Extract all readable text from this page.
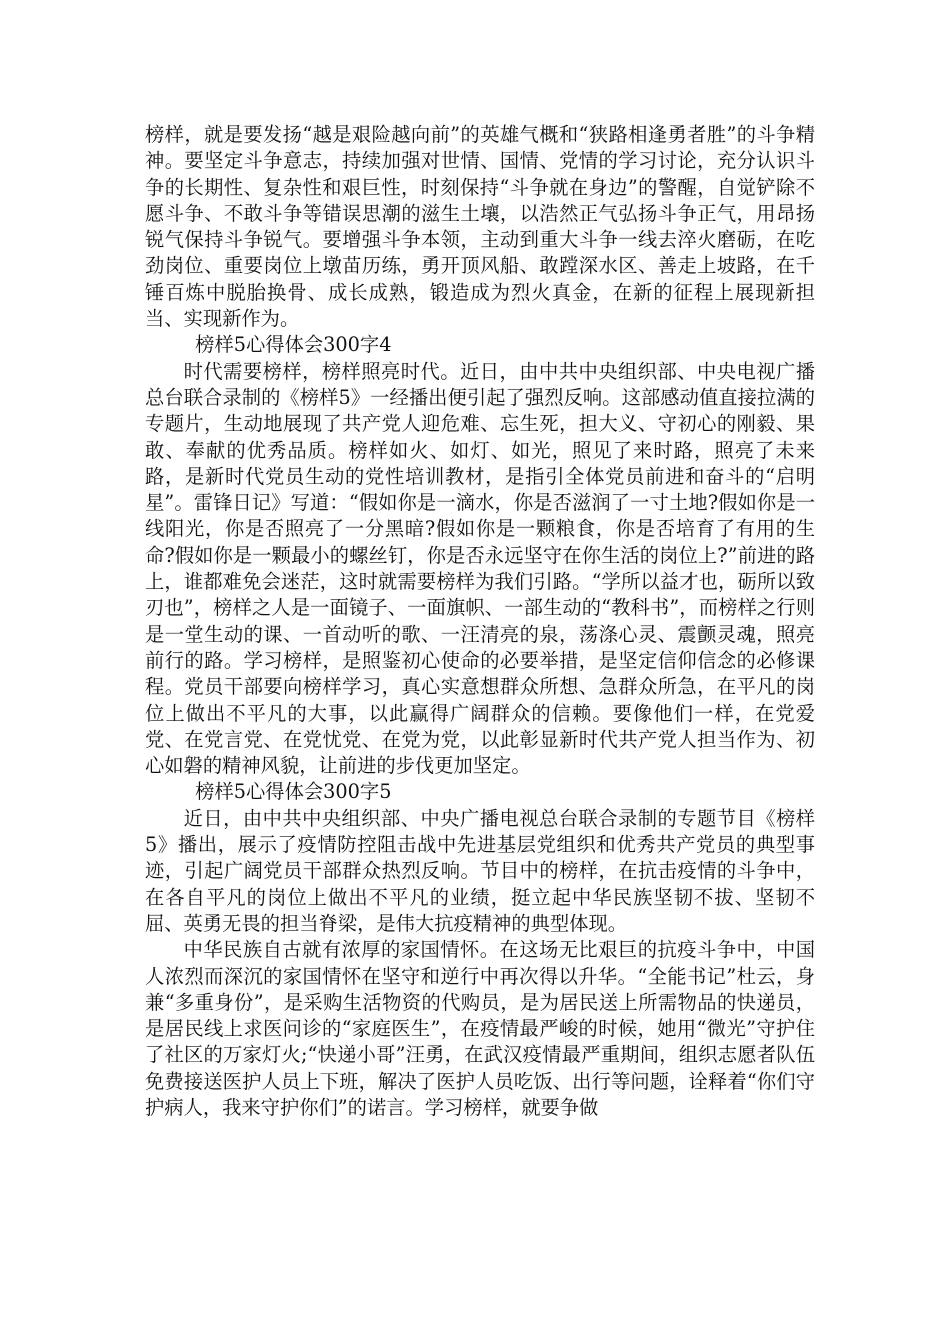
榜样，就是要发扬“越是艰险越向前”的英雄气概和“狭路相逢勇者胜”的斗争精神。要坚定斗争意志，持续加强对世情、国情、党情的学习讨论，充分认识斗争的长期性、复杂性和艰巨性，时刻保持“斗争就在身边”的警醒，自觉铲除不愿斗争、不敢斗争等错误思潮的滋生土壤，以浩然正气弘扬斗争正气，用昂扬锐气保持斗争锐气。要增强斗争本领，主动到重大斗争一线去淬火磨砺，在吃劲岗位、重要岗位上墩苗历练，勇开顶风船、敢蹚深水区、善走上坡路，在千锤百炼中脱胎换骨、成长成熟，锻造成为烈火真金，在新的征程上展现新担当、实现新作为。

榜样5心得体会300字4

时代需要榜样，榜样照亮时代。近日，由中共中央组织部、中央电视广播总台联合录制的《榜样5》一经播出便引起了强烈反响。这部感动值直接拉满的专题片，生动地展现了共产党人迎危难、忘生死，担大义、守初心的刚毅、果敢、奉献的优秀品质。榜样如火、如灯、如光，照见了来时路，照亮了未来路，是新时代党员生动的党性培训教材，是指引全体党员前进和奋斗的“启明星”。雷锋日记》写道：“假如你是一滴水，你是否滋润了一寸土地?假如你是一线阳光，你是否照亮了一分黑暗?假如你是一颗粮食，你是否培育了有用的生命?假如你是一颗最小的螺丝钉，你是否永远坚守在你生活的岗位上?”前进的路上，谁都难免会迷茫，这时就需要榜样为我们引路。“学所以益才也，砺所以致刃也”，榜样之人是一面镜子、一面旗帜、一部生动的“教科书”，而榜样之行则是一堂生动的课、一首动听的歌、一汪清亮的泉，荡涤心灵、震颤灵魂，照亮前行的路。学习榜样，是照鉴初心使命的必要举措，是坚定信仰信念的必修课程。党员干部要向榜样学习，真心实意想群众所想、急群众所急，在平凡的岗位上做出不平凡的大事，以此赢得广阔群众的信赖。要像他们一样，在党爱党、在党言党、在党忧党、在党为党，以此彰显新时代共产党人担当作为、初心如磐的精神风貌，让前进的步伐更加坚定。

榜样5心得体会300字5

近日，由中共中央组织部、中央广播电视总台联合录制的专题节目《榜样5》播出，展示了疫情防控阻击战中先进基层党组织和优秀共产党员的典型事迹，引起广阔党员干部群众热烈反响。节目中的榜样，在抗击疫情的斗争中，在各自平凡的岗位上做出不平凡的业绩，挺立起中华民族坚韧不拔、坚韧不屈、英勇无畏的担当脊梁，是伟大抗疫精神的典型体现。

中华民族自古就有浓厚的家国情怀。在这场无比艰巨的抗疫斗争中，中国人浓烈而深沉的家国情怀在坚守和逆行中再次得以升华。“全能书记”杜云，身兼“多重身份”，是采购生活物资的代购员，是为居民送上所需物品的快递员，是居民线上求医问诊的“家庭医生”，在疫情最严峻的时候，她用“微光”守护住了社区的万家灯火;“快递小哥”汪勇，在武汉疫情最严重期间，组织志愿者队伍免费接送医护人员上下班，解决了医护人员吃饭、出行等问题，诠释着“你们守护病人，我来守护你们”的诺言。学习榜样，就要争做
